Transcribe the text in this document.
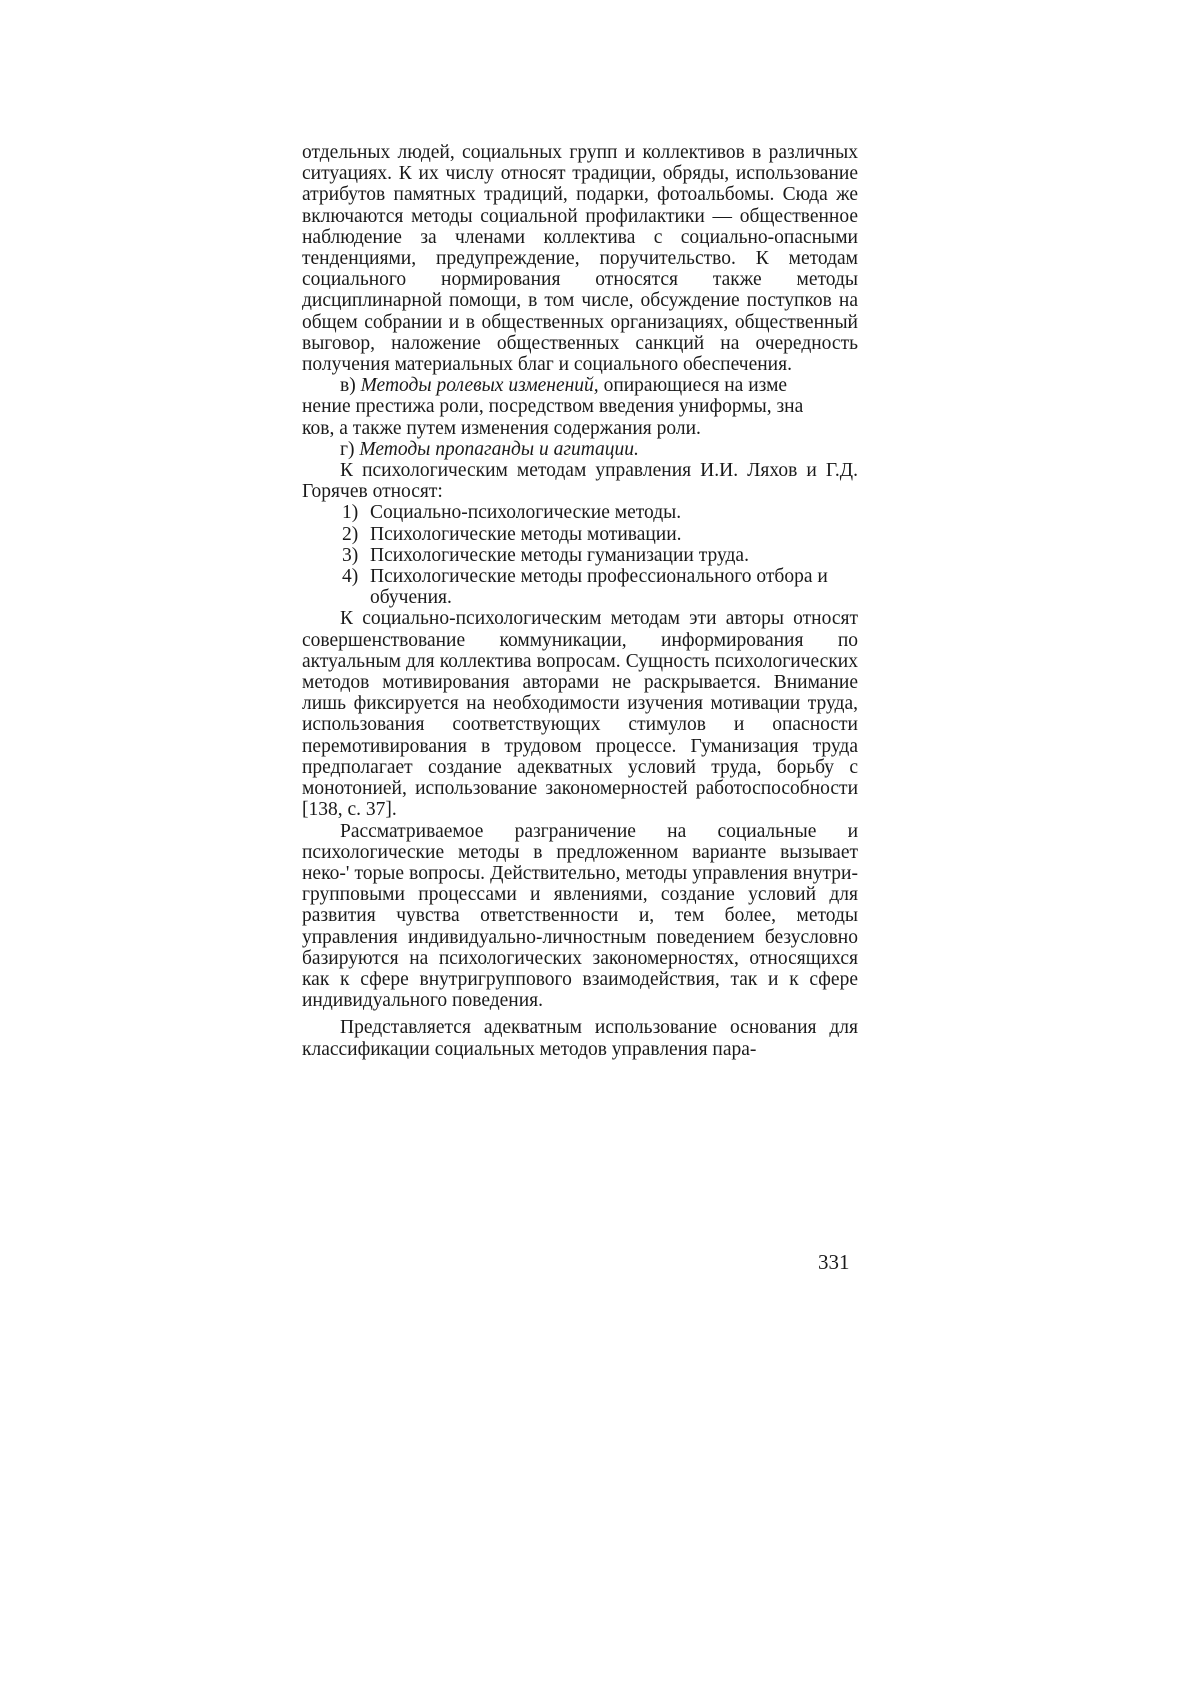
отдельных людей, социальных групп и коллективов в различных ситуациях. К их числу относят традиции, обряды, использование атрибутов памятных традиций, подарки, фотоальбомы. Сюда же включаются методы социальной профилактики — общественное наблюдение за членами коллектива с социально-опасными тенденциями, предупреждение, поручительство. К методам социального нормирования относятся также методы дисциплинарной помощи, в том числе, обсуждение поступков на общем собрании и в общественных организациях, общественный выговор, наложение общественных санкций на очередность получения материальных благ и социального обеспечения.

в) Методы ролевых изменений, опирающиеся на изме

нение престижа роли, посредством введения униформы, зна

ков, а также путем изменения содержания роли.

г) Методы пропаганды и агитации.

К психологическим методам управления И.И. Ляхов и Г.Д. Горячев относят:

1) Социально-психологические методы.
2) Психологические методы мотивации.
3) Психологические методы гуманизации труда.
4) Психологические методы профессионального отбора и обучения.

К социально-психологическим методам эти авторы относят совершенствование коммуникации, информирования по актуальным для коллектива вопросам. Сущность психологических методов мотивирования авторами не раскрывается. Внимание лишь фиксируется на необходимости изучения мотивации труда, использования соответствующих стимулов и опасности перемотивирования в трудовом процессе. Гуманизация труда предполагает создание адекватных условий труда, борьбу с монотонией, использование закономерностей работоспособности [138, с. 37].

Рассматриваемое разграничение на социальные и психологические методы в предложенном варианте вызывает неко-' торые вопросы. Действительно, методы управления внутри-групповыми процессами и явлениями, создание условий для развития чувства ответственности и, тем более, методы управления индивидуально-личностным поведением безусловно базируются на психологических закономерностях, относящихся как к сфере внутригруппового взаимодействия, так и к сфере индивидуального поведения.

Представляется адекватным использование основания для классификации социальных методов управления пара-

331
